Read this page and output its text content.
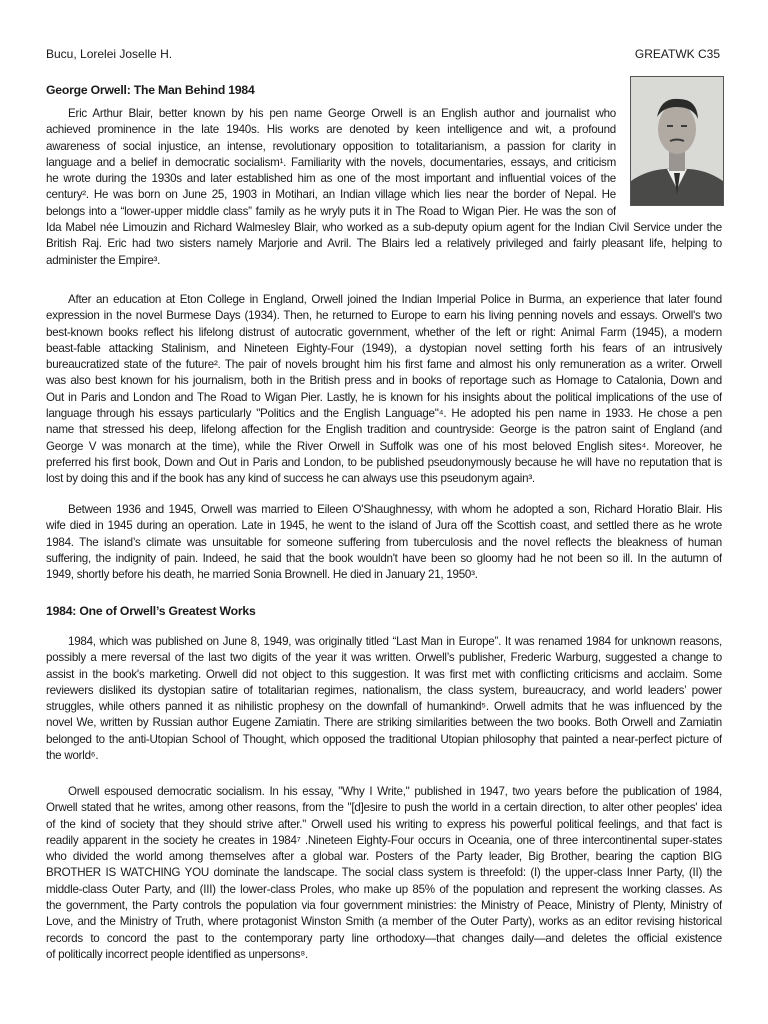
Bucu, Lorelei Joselle H.	GREATWK C35
George Orwell: The Man Behind 1984
Eric Arthur Blair, better known by his pen name George Orwell is an English author and journalist who
achieved prominence in the late 1940s. His works are denoted by keen intelligence and wit, a profound
awareness of social injustice, an intense, revolutionary opposition to totalitarianism, a passion for clarity in
language and a belief in democratic socialism¹. Familiarity with the novels, documentaries, essays, and criticism
he wrote during the 1930s and later established him as one of the most important and influential voices of the
century². He was born on June 25, 1903 in Motihari, an Indian village which lies near the border of Nepal. He
belongs into a “lower-upper middle class” family as he wryly puts it in The Road to Wigan Pier. He was the son of
Ida Mabel née Limouzin and Richard Walmesley Blair, who worked as a sub-deputy opium agent for the Indian Civil Service under the
British Raj. Eric had two sisters namely Marjorie and Avril. The Blairs led a relatively privileged and fairly pleasant life, helping to
administer the Empire³.
After an education at Eton College in England, Orwell joined the Indian Imperial Police in Burma, an experience that later found
expression in the novel Burmese Days (1934). Then, he returned to Europe to earn his living penning novels and essays. Orwell's two
best-known books reflect his lifelong distrust of autocratic government, whether of the left or right: Animal Farm (1945), a modern
beast-fable attacking Stalinism, and Nineteen Eighty-Four (1949), a dystopian novel setting forth his fears of an intrusively
bureaucratized state of the future². The pair of novels brought him his first fame and almost his only remuneration as a writer. Orwell
was also best known for his journalism, both in the British press and in books of reportage such as Homage to Catalonia, Down and
Out in Paris and London and The Road to Wigan Pier. Lastly, he is known for his insights about the political implications of the use of
language through his essays particularly "Politics and the English Language"⁴. He adopted his pen name in 1933. He chose a pen
name that stressed his deep, lifelong affection for the English tradition and countryside: George is the patron saint of England (and
George V was monarch at the time), while the River Orwell in Suffolk was one of his most beloved English sites⁴. Moreover, he
preferred his first book, Down and Out in Paris and London, to be published pseudonymously because he will have no reputation that is
lost by doing this and if the book has any kind of success he can always use this pseudonym again³.
Between 1936 and 1945, Orwell was married to Eileen O'Shaughnessy, with whom he adopted a son, Richard Horatio Blair. His
wife died in 1945 during an operation. Late in 1945, he went to the island of Jura off the Scottish coast, and settled there as he wrote
1984. The island’s climate was unsuitable for someone suffering from tuberculosis and the novel reflects the bleakness of human
suffering, the indignity of pain. Indeed, he said that the book wouldn't have been so gloomy had he not been so ill. In the autumn of
1949, shortly before his death, he married Sonia Brownell. He died in January 21, 1950³.
1984: One of Orwell’s Greatest Works
1984, which was published on June 8, 1949, was originally titled “Last Man in Europe”. It was renamed 1984 for unknown reasons,
possibly a mere reversal of the last two digits of the year it was written. Orwell’s publisher, Frederic Warburg, suggested a change to
assist in the book's marketing. Orwell did not object to this suggestion. It was first met with conflicting criticisms and acclaim. Some
reviewers disliked its dystopian satire of totalitarian regimes, nationalism, the class system, bureaucracy, and world leaders’ power
struggles, while others panned it as nihilistic prophesy on the downfall of humankind⁵. Orwell admits that he was influenced by the
novel We, written by Russian author Eugene Zamiatin. There are striking similarities between the two books. Both Orwell and Zamiatin
belonged to the anti-Utopian School of Thought, which opposed the traditional Utopian philosophy that painted a near-perfect picture of
the world⁶.
Orwell espoused democratic socialism. In his essay, "Why I Write," published in 1947, two years before the publication of 1984,
Orwell stated that he writes, among other reasons, from the "[d]esire to push the world in a certain direction, to alter other peoples' idea
of the kind of society that they should strive after." Orwell used his writing to express his powerful political feelings, and that fact is
readily apparent in the society he creates in 1984⁷ .Nineteen Eighty-Four occurs in Oceania, one of three intercontinental super-states
who divided the world among themselves after a global war. Posters of the Party leader, Big Brother, bearing the caption BIG
BROTHER IS WATCHING YOU dominate the landscape. The social class system is threefold: (I) the upper-class Inner Party, (II) the
middle-class Outer Party, and (III) the lower-class Proles, who make up 85% of the population and represent the working classes. As
the government, the Party controls the population via four government ministries: the Ministry of Peace, Ministry of Plenty, Ministry of
Love, and the Ministry of Truth, where protagonist Winston Smith (a member of the Outer Party), works as an editor revising historical
records to concord the past to the contemporary party line orthodoxy—that changes daily—and deletes the official existence
of politically incorrect people identified as unpersons⁸.
